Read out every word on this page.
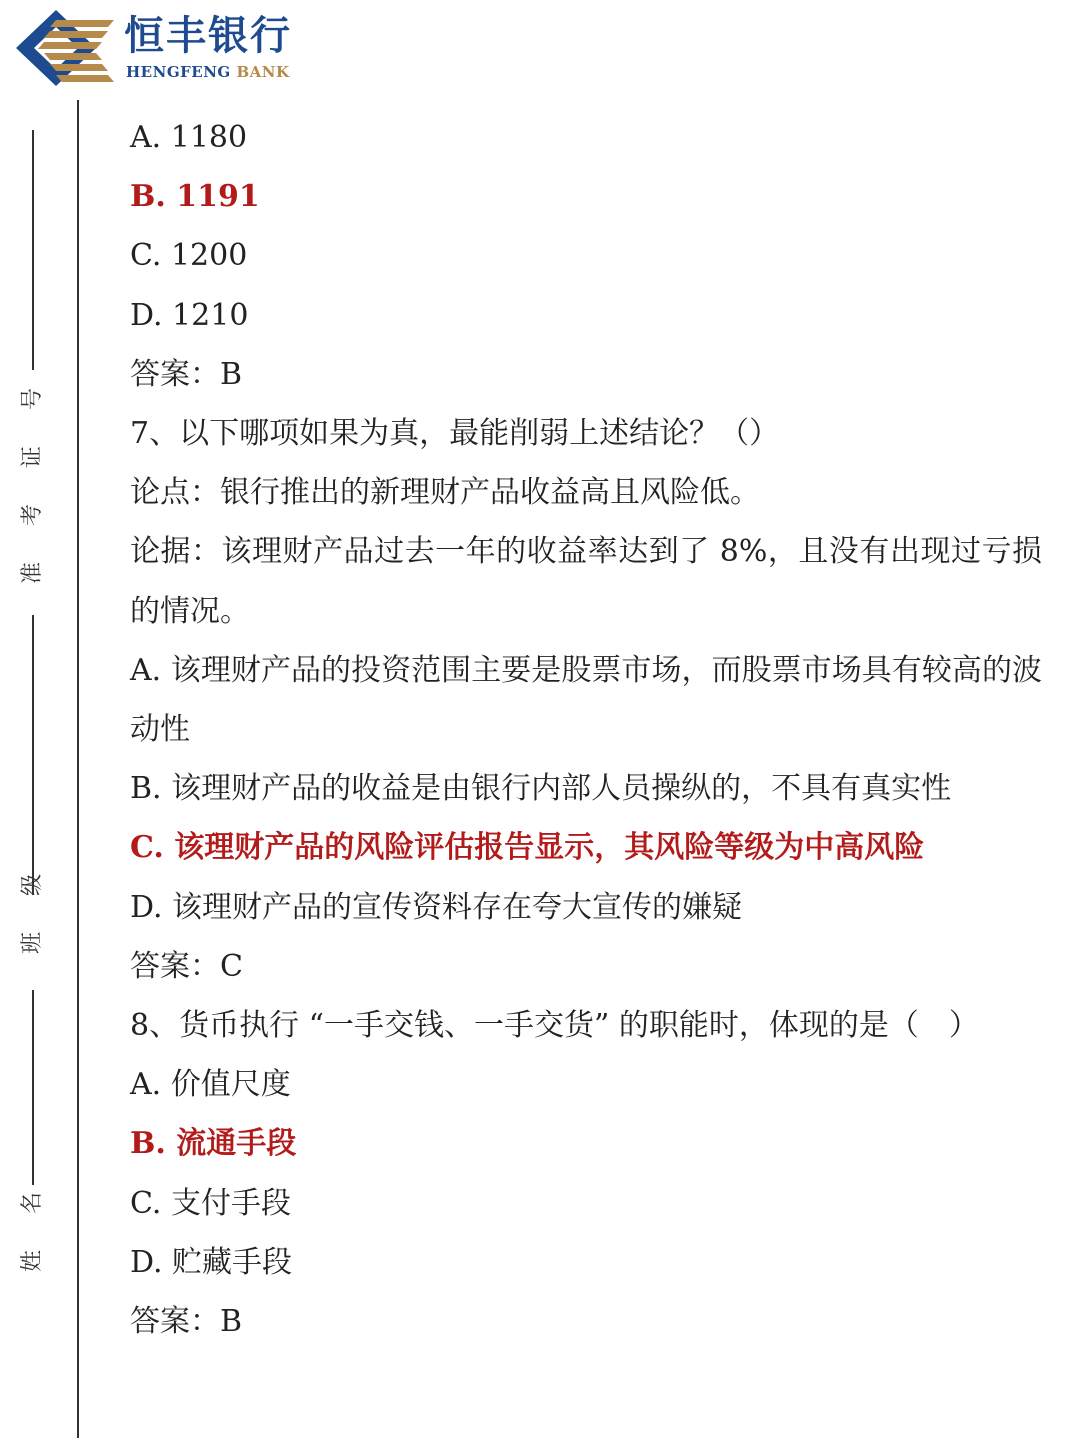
恒丰银行
HENGFENG BANK
号
证
考
准
级
班
名
姓
A. 1180
B. 1191
C. 1200
D. 1210
答案：B
7、以下哪项如果为真，最能削弱上述结论？（）
论点：银行推出的新理财产品收益高且风险低。
论据：该理财产品过去一年的收益率达到了 8%，且没有出现过亏损的情况。
A. 该理财产品的投资范围主要是股票市场，而股票市场具有较高的波动性
B. 该理财产品的收益是由银行内部人员操纵的，不具有真实性
C. 该理财产品的风险评估报告显示，其风险等级为中高风险
D. 该理财产品的宣传资料存在夸大宣传的嫌疑
答案：C
8、货币执行 “一手交钱、一手交货” 的职能时，体现的是（　）
A. 价值尺度
B. 流通手段
C. 支付手段
D. 贮藏手段
答案：B
